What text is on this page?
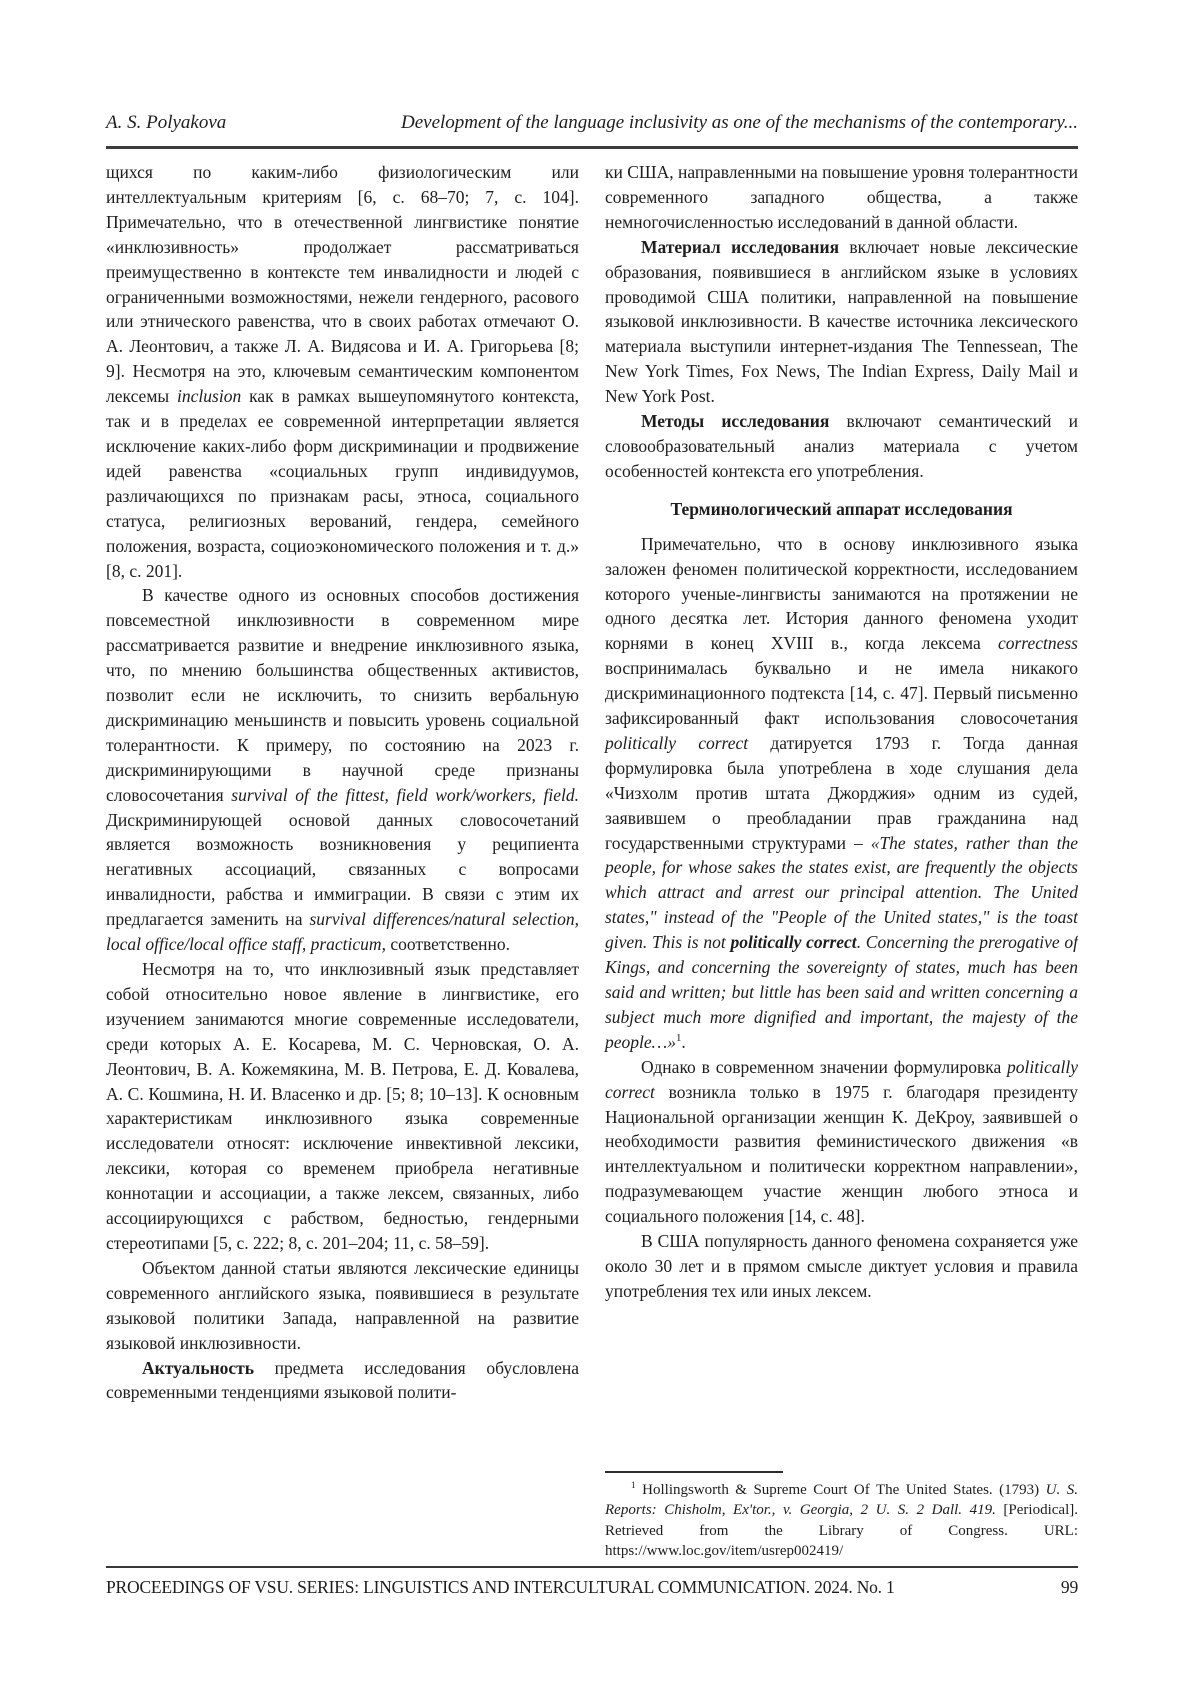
A. S. Polyakova	Development of the language inclusivity as one of the mechanisms of the contemporary...

щихся по каким-либо физиологическим или интеллектуальным критериям [6, с. 68–70; 7, с. 104]. Примечательно, что в отечественной лингвистике понятие «инклюзивность» продолжает рассматриваться преимущественно в контексте тем инвалидности и людей с ограниченными возможностями, нежели гендерного, расового или этнического равенства, что в своих работах отмечают О. А. Леонтович, а также Л. А. Видясова и И. А. Григорьева [8; 9]. Несмотря на это, ключевым семантическим компонентом лексемы inclusion как в рамках вышеупомянутого контекста, так и в пределах ее современной интерпретации является исключение каких-либо форм дискриминации и продвижение идей равенства «социальных групп индивидуумов, различающихся по признакам расы, этноса, социального статуса, религиозных верований, гендера, семейного положения, возраста, социоэкономического положения и т. д.» [8, с. 201].

В качестве одного из основных способов достижения повсеместной инклюзивности в современном мире рассматривается развитие и внедрение инклюзивного языка, что, по мнению большинства общественных активистов, позволит если не исключить, то снизить вербальную дискриминацию меньшинств и повысить уровень социальной толерантности. К примеру, по состоянию на 2023 г. дискриминирующими в научной среде признаны словосочетания survival of the fittest, field work/workers, field. Дискриминирующей основой данных словосочетаний является возможность возникновения у реципиента негативных ассоциаций, связанных с вопросами инвалидности, рабства и иммиграции. В связи с этим их предлагается заменить на survival differences/natural selection, local office/local office staff, practicum, соответственно.

Несмотря на то, что инклюзивный язык представляет собой относительно новое явление в лингвистике, его изучением занимаются многие современные исследователи, среди которых А. Е. Косарева, М. С. Черновская, О. А. Леонтович, В. А. Кожемякина, М. В. Петрова, Е. Д. Ковалева, А. С. Кошмина, Н. И. Власенко и др. [5; 8; 10–13]. К основным характеристикам инклюзивного языка современные исследователи относят: исключение инвективной лексики, лексики, которая со временем приобрела негативные коннотации и ассоциации, а также лексем, связанных, либо ассоциирующихся с рабством, бедностью, гендерными стереотипами [5, с. 222; 8, с. 201–204; 11, с. 58–59].

Объектом данной статьи являются лексические единицы современного английского языка, появившиеся в результате языковой политики Запада, направленной на развитие языковой инклюзивности.

Актуальность предмета исследования обусловлена современными тенденциями языковой полити-

ки США, направленными на повышение уровня толерантности современного западного общества, а также немногочисленностью исследований в данной области.

Материал исследования включает новые лексические образования, появившиеся в английском языке в условиях проводимой США политики, направленной на повышение языковой инклюзивности. В качестве источника лексического материала выступили интернет-издания The Tennessean, The New York Times, Fox News, The Indian Express, Daily Mail и New York Post.

Методы исследования включают семантический и словообразовательный анализ материала с учетом особенностей контекста его употребления.

Терминологический аппарат исследования

Примечательно, что в основу инклюзивного языка заложен феномен политической корректности, исследованием которого ученые-лингвисты занимаются на протяжении не одного десятка лет. История данного феномена уходит корнями в конец XVIII в., когда лексема correctness воспринималась буквально и не имела никакого дискриминационного подтекста [14, с. 47]. Первый письменно зафиксированный факт использования словосочетания politically correct датируется 1793 г. Тогда данная формулировка была употреблена в ходе слушания дела «Чизхолм против штата Джорджия» одним из судей, заявившем о преобладании прав гражданина над государственными структурами – «The states, rather than the people, for whose sakes the states exist, are frequently the objects which attract and arrest our principal attention. The United states," instead of the "People of the United states," is the toast given. This is not politically correct. Concerning the prerogative of Kings, and concerning the sovereignty of states, much has been said and written; but little has been said and written concerning a subject much more dignified and important, the majesty of the people…»$^1$.

Однако в современном значении формулировка politically correct возникла только в 1975 г. благодаря президенту Национальной организации женщин К. ДеКроу, заявившей о необходимости развития феминистического движения «в интеллектуальном и политически корректном направлении», подразумевающем участие женщин любого этноса и социального положения [14, с. 48].

В США популярность данного феномена сохраняется уже около 30 лет и в прямом смысле диктует условия и правила употребления тех или иных лексем.

$^1$ Hollingsworth & Supreme Court Of The United States. (1793) U. S. Reports: Chisholm, Ex'tor., v. Georgia, 2 U. S. 2 Dall. 419. [Periodical]. Retrieved from the Library of Congress. URL: https://www.loc.gov/item/usrep002419/

PROCEEDINGS OF VSU. SERIES: LINGUISTICS AND INTERCULTURAL COMMUNICATION. 2024. No. 1	99
